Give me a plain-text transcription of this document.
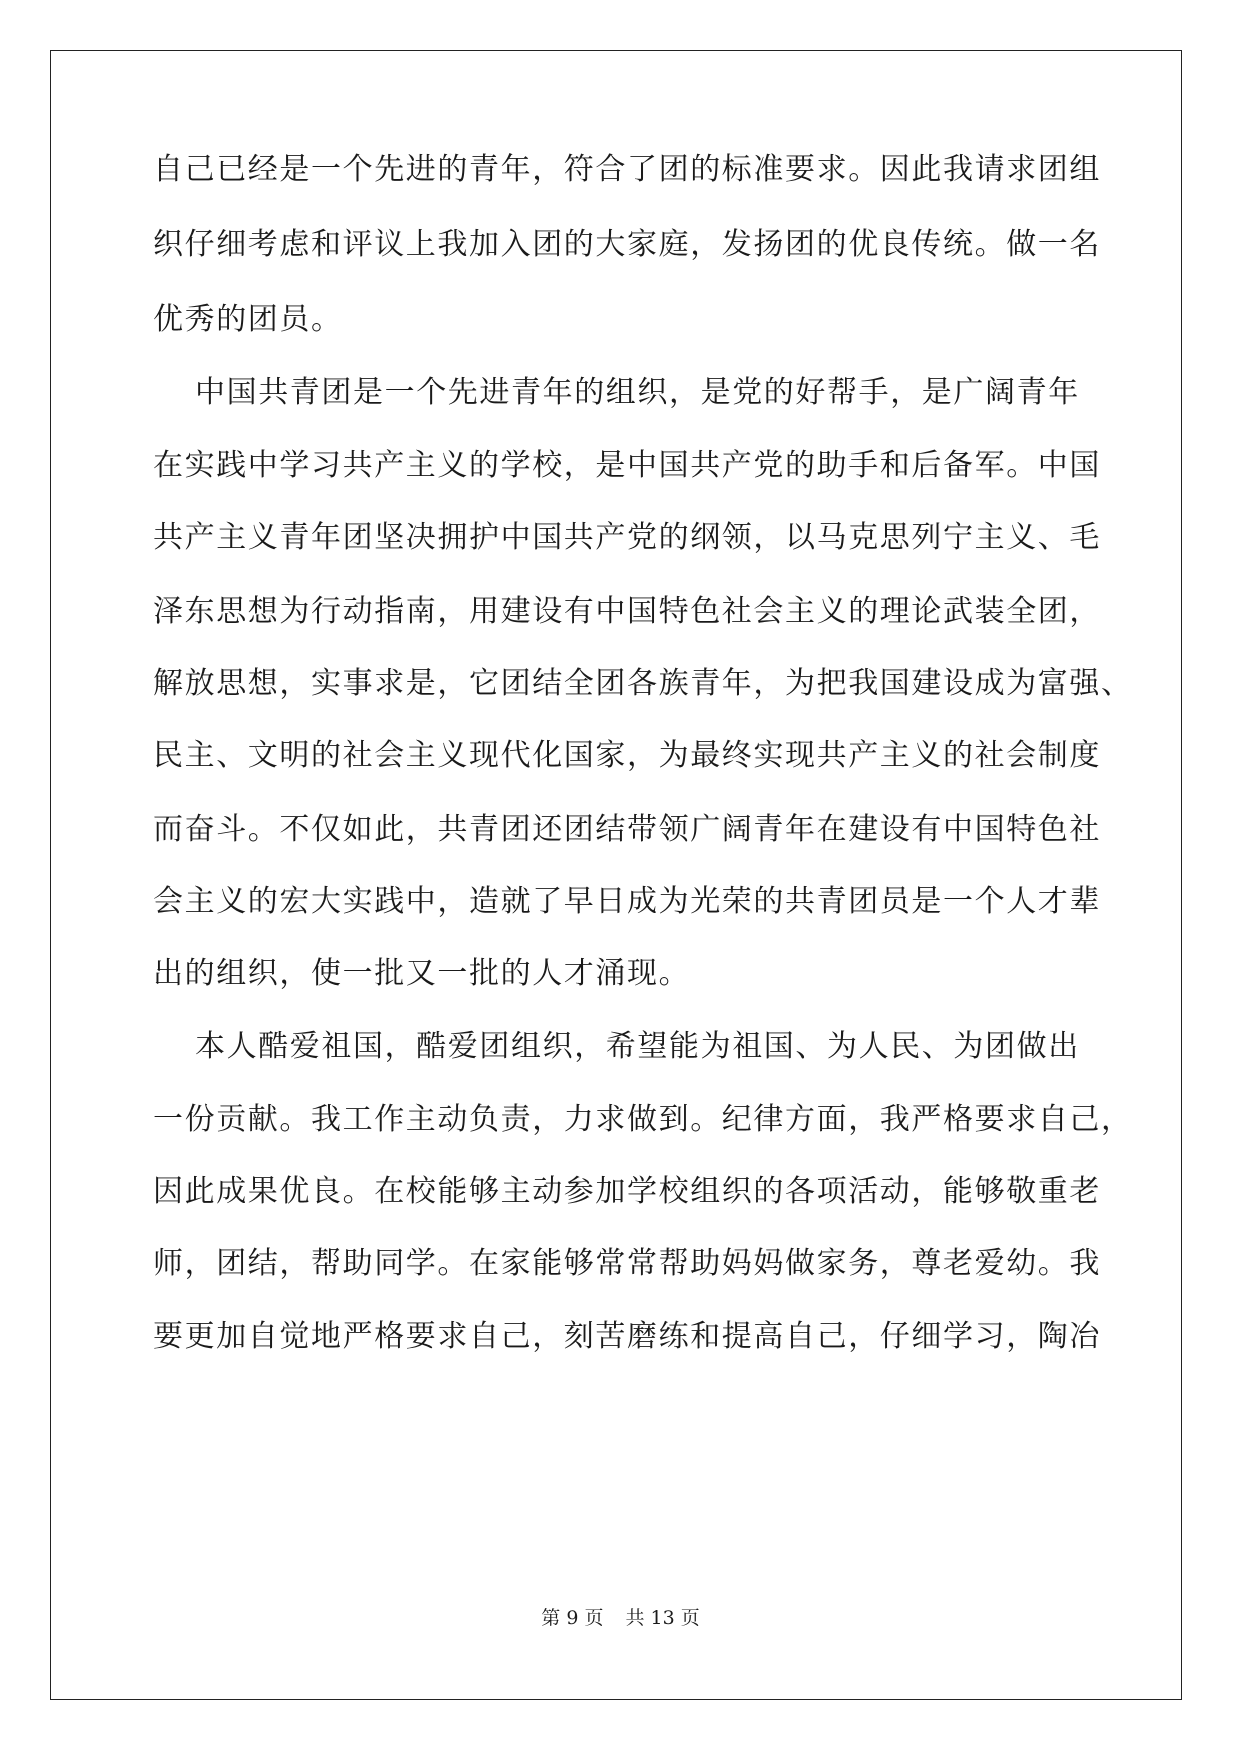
自己已经是一个先进的青年，符合了团的标准要求。因此我请求团组
织仔细考虑和评议上我加入团的大家庭，发扬团的优良传统。做一名
优秀的团员。
中国共青团是一个先进青年的组织，是党的好帮手，是广阔青年
在实践中学习共产主义的学校，是中国共产党的助手和后备军。中国
共产主义青年团坚决拥护中国共产党的纲领，以马克思列宁主义、毛
泽东思想为行动指南，用建设有中国特色社会主义的理论武装全团，
解放思想，实事求是，它团结全团各族青年，为把我国建设成为富强、
民主、文明的社会主义现代化国家，为最终实现共产主义的社会制度
而奋斗。不仅如此，共青团还团结带领广阔青年在建设有中国特色社
会主义的宏大实践中，造就了早日成为光荣的共青团员是一个人才辈
出的组织，使一批又一批的人才涌现。
本人酷爱祖国，酷爱团组织，希望能为祖国、为人民、为团做出
一份贡献。我工作主动负责，力求做到。纪律方面，我严格要求自己，
因此成果优良。在校能够主动参加学校组织的各项活动，能够敬重老
师，团结，帮助同学。在家能够常常帮助妈妈做家务，尊老爱幼。我
要更加自觉地严格要求自己，刻苦磨练和提高自己，仔细学习，陶冶
第 9 页 共 13 页
